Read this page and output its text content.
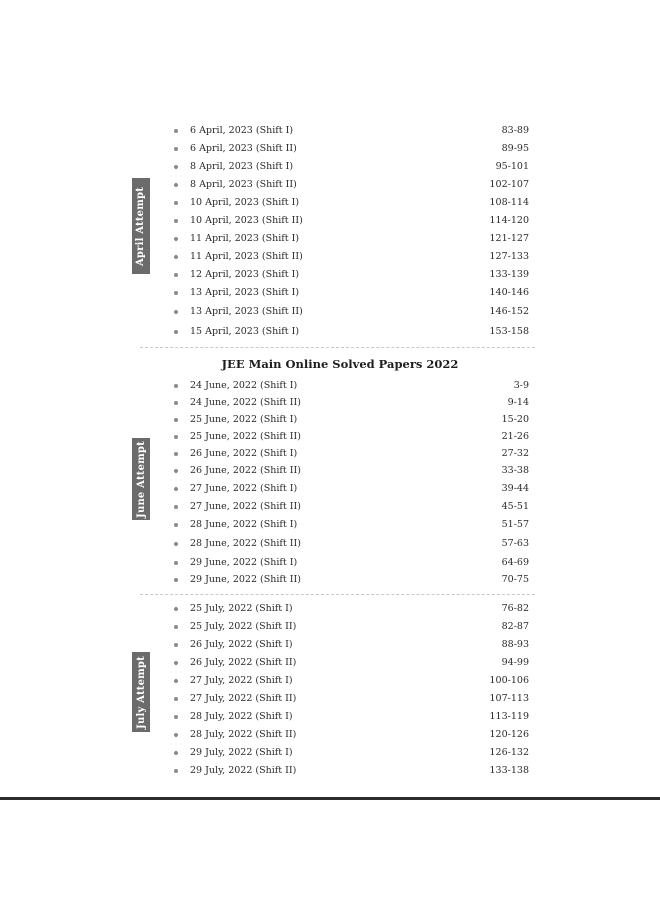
April Attempt
6 April, 2023 (Shift I)	83-89
6 April, 2023 (Shift II)	89-95
8 April, 2023 (Shift I)	95-101
8 April, 2023 (Shift II)	102-107
10 April, 2023 (Shift I)	108-114
10 April, 2023 (Shift II)	114-120
11 April, 2023 (Shift I)	121-127
11 April, 2023 (Shift II)	127-133
12 April, 2023 (Shift I)	133-139
13 April, 2023 (Shift I)	140-146
13 April, 2023 (Shift II)	146-152
15 April, 2023 (Shift I)	153-158
JEE Main Online Solved Papers 2022
June Attempt
24 June, 2022 (Shift I)	3-9
24 June, 2022 (Shift II)	9-14
25 June, 2022 (Shift I)	15-20
25 June, 2022 (Shift II)	21-26
26 June, 2022 (Shift I)	27-32
26 June, 2022 (Shift II)	33-38
27 June, 2022 (Shift I)	39-44
27 June, 2022 (Shift II)	45-51
28 June, 2022 (Shift I)	51-57
28 June, 2022 (Shift II)	57-63
29 June, 2022 (Shift I)	64-69
29 June, 2022 (Shift II)	70-75
July Attempt
25 July, 2022 (Shift I)	76-82
25 July, 2022 (Shift II)	82-87
26 July, 2022 (Shift I)	88-93
26 July, 2022 (Shift II)	94-99
27 July, 2022 (Shift I)	100-106
27 July, 2022 (Shift II)	107-113
28 July, 2022 (Shift I)	113-119
28 July, 2022 (Shift II)	120-126
29 July, 2022 (Shift I)	126-132
29 July, 2022 (Shift II)	133-138
